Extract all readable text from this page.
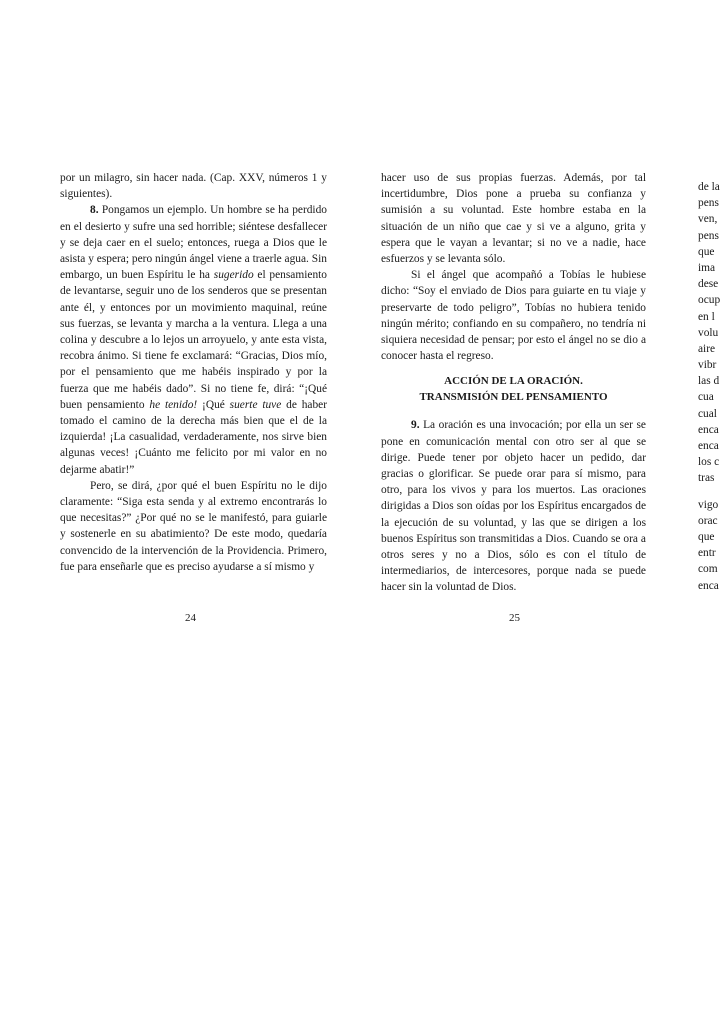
por un milagro, sin hacer nada. (Cap. XXV, números 1 y siguientes).

8. Pongamos un ejemplo. Un hombre se ha perdido en el desierto y sufre una sed horrible; siéntese desfallecer y se deja caer en el suelo; entonces, ruega a Dios que le asista y espera; pero ningún ángel viene a traerle agua. Sin embargo, un buen Espíritu le ha sugerido el pensamiento de levantarse, seguir uno de los senderos que se presentan ante él, y entonces por un movimiento maquinal, reúne sus fuerzas, se levanta y marcha a la ventura. Llega a una colina y descubre a lo lejos un arroyuelo, y ante esta vista, recobra ánimo. Si tiene fe exclamará: “Gracias, Dios mío, por el pensamiento que me habéis inspirado y por la fuerza que me habéis dado”. Si no tiene fe, dirá: “¡Qué buen pensamiento he tenido! ¡Qué suerte tuve de haber tomado el camino de la derecha más bien que el de la izquierda! ¡La casualidad, verdaderamente, nos sirve bien algunas veces! ¡Cuánto me felicito por mi valor en no dejarme abatir!”

Pero, se dirá, ¿por qué el buen Espíritu no le dijo claramente: “Siga esta senda y al extremo encontrarás lo que necesitas?” ¿Por qué no se le manifestó, para guiarle y sostenerle en su abatimiento? De este modo, quedaría convencido de la intervención de la Providencia. Primero, fue para enseñarle que es preciso ayudarse a sí mismo y

24

hacer uso de sus propias fuerzas. Además, por tal incertidumbre, Dios pone a prueba su confianza y sumisión a su voluntad. Este hombre estaba en la situación de un niño que cae y si ve a alguno, grita y espera que le vayan a levantar; si no ve a nadie, hace esfuerzos y se levanta sólo.

Si el ángel que acompañó a Tobías le hubiese dicho: “Soy el enviado de Dios para guiarte en tu viaje y preservarte de todo peligro”, Tobías no hubiera tenido ningún mérito; confiando en su compañero, no tendría ni siquiera necesidad de pensar; por esto el ángel no se dio a conocer hasta el regreso.

ACCIÓN DE LA ORACIÓN.
TRANSMISIÓN DEL PENSAMIENTO

9. La oración es una invocación; por ella un ser se pone en comunicación mental con otro ser al que se dirige. Puede tener por objeto hacer un pedido, dar gracias o glorificar. Se puede orar para sí mismo, para otro, para los vivos y para los muertos. Las oraciones dirigidas a Dios son oídas por los Espíritus encargados de la ejecución de su voluntad, y las que se dirigen a los buenos Espíritus son transmitidas a Dios. Cuando se ora a otros seres y no a Dios, sólo es con el título de intermediarios, de intercesores, porque nada se puede hacer sin la voluntad de Dios.

25
de la
pens
ven,
pens
que
ima
dese
ocup
en l
volu
aire
vibr
las d
cua
cual
enca
enca
los c
tras
vigo
orac
que
entr
com
enca
